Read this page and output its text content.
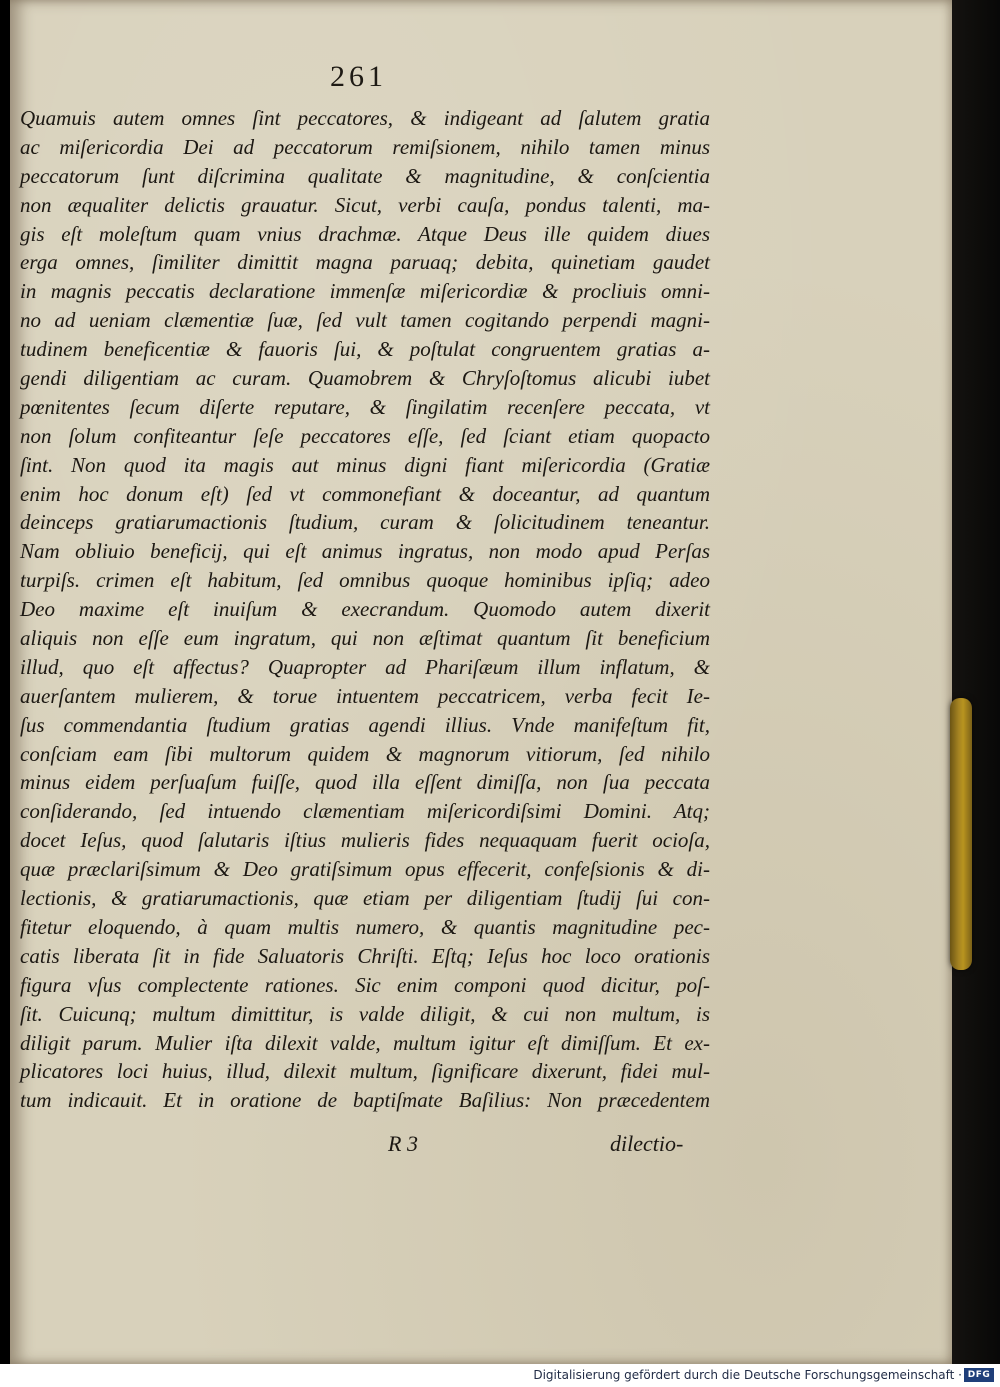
261
Quamuis autem omnes ſint peccatores, & indigeant ad ſalutem gratia
ac miſericordia Dei ad peccatorum remiſsionem, nihilo tamen minus
peccatorum ſunt diſcrimina qualitate & magnitudine, & conſcientia
non æqualiter delictis grauatur. Sicut, verbi cauſa, pondus talenti, ma-
gis eſt moleſtum quam vnius drachmæ. Atque Deus ille quidem diues
erga omnes, ſimiliter dimittit magna paruaq; debita, quinetiam gaudet
in magnis peccatis declaratione immenſæ miſericordiæ & procliuis omni-
no ad ueniam clæmentiæ ſuæ, ſed vult tamen cogitando perpendi magni-
tudinem beneficentiæ & fauoris ſui, & poſtulat congruentem gratias a-
gendi diligentiam ac curam. Quamobrem & Chryſoſtomus alicubi iubet
pœnitentes ſecum diſerte reputare, & ſingilatim recenſere peccata, vt
non ſolum confiteantur ſeſe peccatores eſſe, ſed ſciant etiam quopacto
ſint. Non quod ita magis aut minus digni fiant miſericordia (Gratiæ
enim hoc donum eſt) ſed vt commonefiant & doceantur, ad quantum
deinceps gratiarumactionis ſtudium, curam & ſolicitudinem teneantur.
Nam obliuio beneficij, qui eſt animus ingratus, non modo apud Perſas
turpiſs. crimen eſt habitum, ſed omnibus quoque hominibus ipſiq; adeo
Deo maxime eſt inuiſum & execrandum. Quomodo autem dixerit
aliquis non eſſe eum ingratum, qui non æſtimat quantum ſit beneficium
illud, quo eſt affectus? Quapropter ad Phariſæum illum inflatum, &
auerſantem mulierem, & torue intuentem peccatricem, verba fecit Ie-
ſus commendantia ſtudium gratias agendi illius. Vnde manifeſtum fit,
conſciam eam ſibi multorum quidem & magnorum vitiorum, ſed nihilo
minus eidem perſuaſum fuiſſe, quod illa eſſent dimiſſa, non ſua peccata
conſiderando, ſed intuendo clæmentiam miſericordiſsimi Domini. Atq;
docet Ieſus, quod ſalutaris iſtius mulieris fides nequaquam fuerit ocioſa,
quæ præclariſsimum & Deo gratiſsimum opus effecerit, confeſsionis & di-
lectionis, & gratiarumactionis, quæ etiam per diligentiam ſtudij ſui con-
fitetur eloquendo, à quam multis numero, & quantis magnitudine pec-
catis liberata ſit in fide Saluatoris Chriſti. Eſtq; Ieſus hoc loco orationis
figura vſus complectente rationes. Sic enim componi quod dicitur, poſ-
ſit. Cuicunq; multum dimittitur, is valde diligit, & cui non multum, is
diligit parum. Mulier iſta dilexit valde, multum igitur eſt dimiſſum. Et ex-
plicatores loci huius, illud, dilexit multum, ſignificare dixerunt, fidei mul-
tum indicauit. Et in oratione de baptiſmate Baſilius: Non præcedentem
R 3	dilectio-
Digitalisierung gefördert durch die Deutsche Forschungsgemeinschaft · DFG
